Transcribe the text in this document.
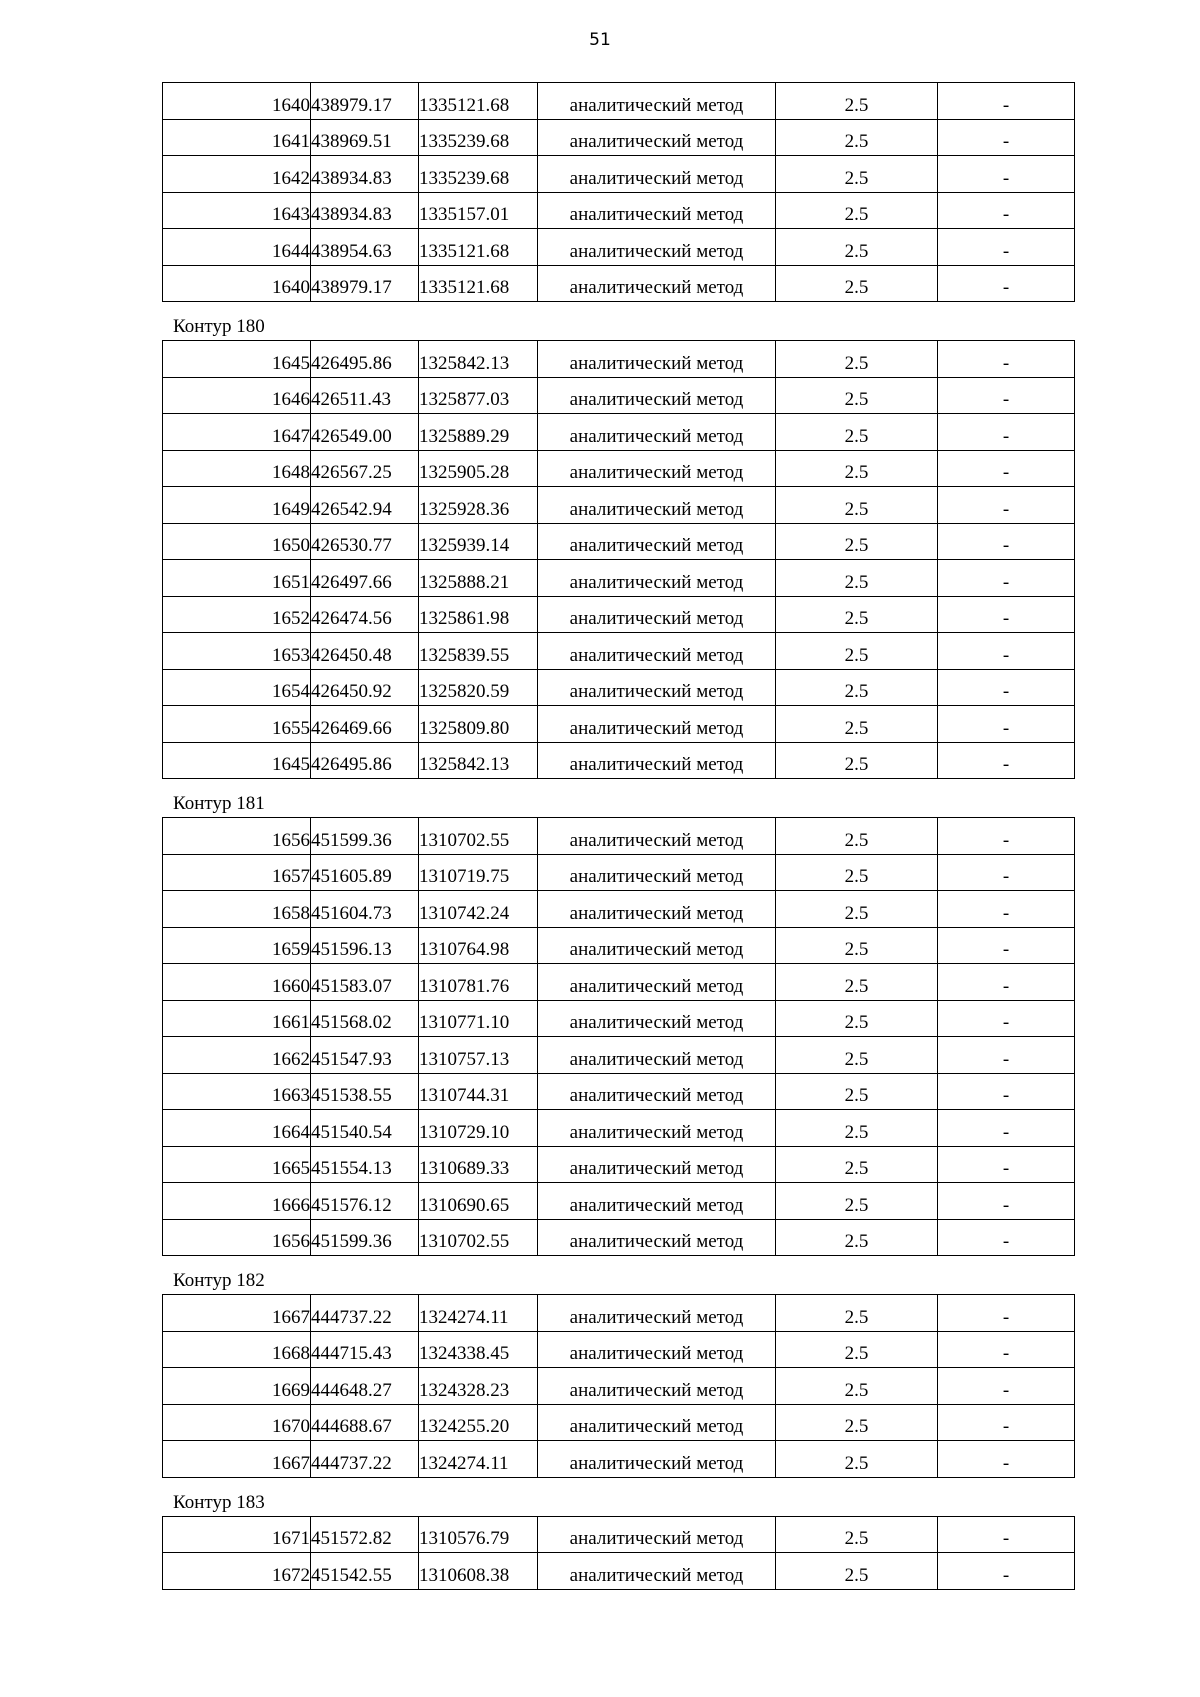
51
1640	438979.17	1335121.68	аналитический метод	2.5	-
1641	438969.51	1335239.68	аналитический метод	2.5	-
1642	438934.83	1335239.68	аналитический метод	2.5	-
1643	438934.83	1335157.01	аналитический метод	2.5	-
1644	438954.63	1335121.68	аналитический метод	2.5	-
1640	438979.17	1335121.68	аналитический метод	2.5	-
Контур 180
1645	426495.86	1325842.13	аналитический метод	2.5	-
1646	426511.43	1325877.03	аналитический метод	2.5	-
1647	426549.00	1325889.29	аналитический метод	2.5	-
1648	426567.25	1325905.28	аналитический метод	2.5	-
1649	426542.94	1325928.36	аналитический метод	2.5	-
1650	426530.77	1325939.14	аналитический метод	2.5	-
1651	426497.66	1325888.21	аналитический метод	2.5	-
1652	426474.56	1325861.98	аналитический метод	2.5	-
1653	426450.48	1325839.55	аналитический метод	2.5	-
1654	426450.92	1325820.59	аналитический метод	2.5	-
1655	426469.66	1325809.80	аналитический метод	2.5	-
1645	426495.86	1325842.13	аналитический метод	2.5	-
Контур 181
1656	451599.36	1310702.55	аналитический метод	2.5	-
1657	451605.89	1310719.75	аналитический метод	2.5	-
1658	451604.73	1310742.24	аналитический метод	2.5	-
1659	451596.13	1310764.98	аналитический метод	2.5	-
1660	451583.07	1310781.76	аналитический метод	2.5	-
1661	451568.02	1310771.10	аналитический метод	2.5	-
1662	451547.93	1310757.13	аналитический метод	2.5	-
1663	451538.55	1310744.31	аналитический метод	2.5	-
1664	451540.54	1310729.10	аналитический метод	2.5	-
1665	451554.13	1310689.33	аналитический метод	2.5	-
1666	451576.12	1310690.65	аналитический метод	2.5	-
1656	451599.36	1310702.55	аналитический метод	2.5	-
Контур 182
1667	444737.22	1324274.11	аналитический метод	2.5	-
1668	444715.43	1324338.45	аналитический метод	2.5	-
1669	444648.27	1324328.23	аналитический метод	2.5	-
1670	444688.67	1324255.20	аналитический метод	2.5	-
1667	444737.22	1324274.11	аналитический метод	2.5	-
Контур 183
1671	451572.82	1310576.79	аналитический метод	2.5	-
1672	451542.55	1310608.38	аналитический метод	2.5	-
